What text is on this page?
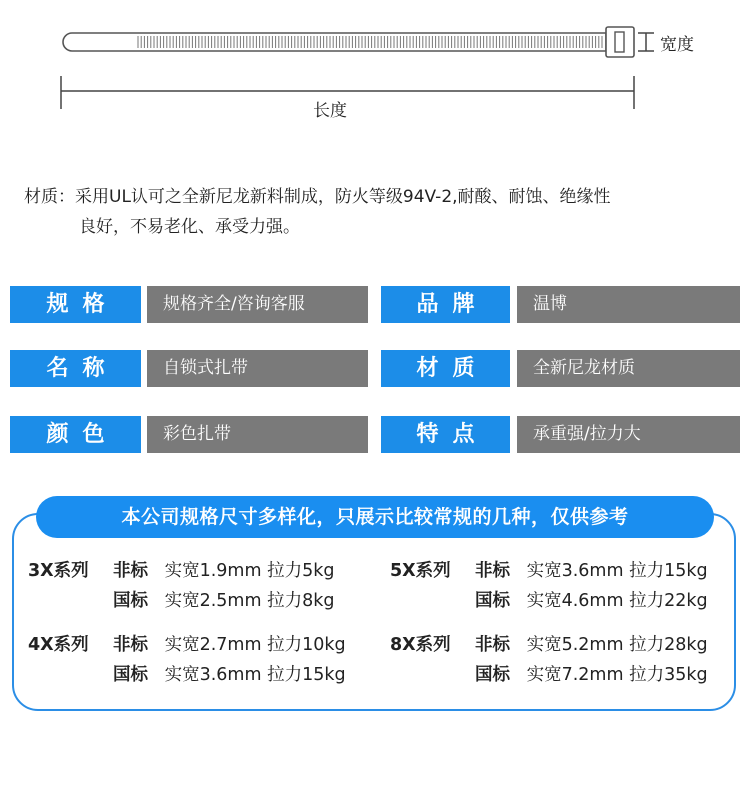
宽度
长度
材质：采用UL认可之全新尼龙新料制成，防火等级94V-2,耐酸、耐蚀、绝缘性
良好，不易老化、承受力强。
规格	规格齐全/咨询客服	品牌	温博
名称	自锁式扎带	材质	全新尼龙材质
颜色	彩色扎带	特点	承重强/拉力大
本公司规格尺寸多样化，只展示比较常规的几种，仅供参考
3X系列 非标 实宽1.9mm 拉力5kg
国标 实宽2.5mm 拉力8kg
5X系列 非标 实宽3.6mm 拉力15kg
国标 实宽4.6mm 拉力22kg
4X系列 非标 实宽2.7mm 拉力10kg
国标 实宽3.6mm 拉力15kg
8X系列 非标 实宽5.2mm 拉力28kg
国标 实宽7.2mm 拉力35kg
